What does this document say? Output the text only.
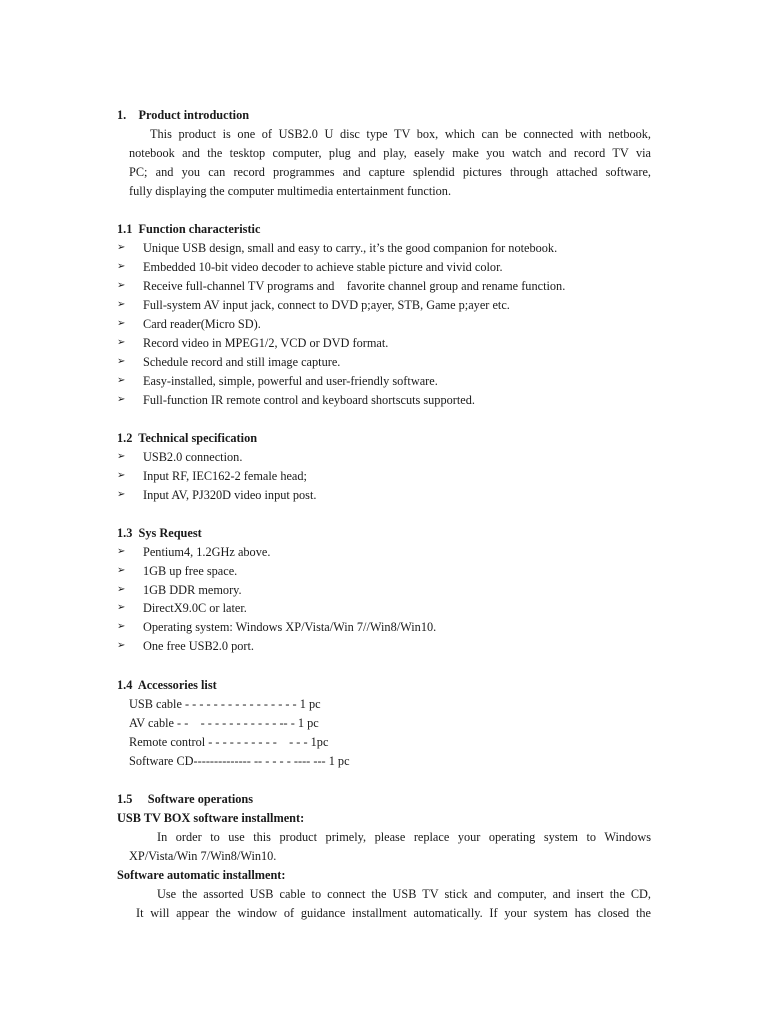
1.    Product introduction
This product is one of USB2.0 U disc type TV box, which can be connected with netbook,
notebook and the tesktop computer, plug and play, easely make you watch and record TV via
PC; and you can record programmes and capture splendid pictures through attached software,
fully displaying the computer multimedia entertainment function.
1.1  Function characteristic
➢ Unique USB design, small and easy to carry., it’s the good companion for notebook.
➢ Embedded 10-bit video decoder to achieve stable picture and vivid color.
➢ Receive full-channel TV programs and    favorite channel group and rename function.
➢ Full-system AV input jack, connect to DVD p;ayer, STB, Game p;ayer etc.
➢ Card reader(Micro SD).
➢ Record video in MPEG1/2, VCD or DVD format.
➢ Schedule record and still image capture.
➢ Easy-installed, simple, powerful and user-friendly software.
➢ Full-function IR remote control and keyboard shortscuts supported.
1.2  Technical specification
➢ USB2.0 connection.
➢ Input RF, IEC162-2 female head;
➢ Input AV, PJ320D video input post.
1.3  Sys Request
➢ Pentium4, 1.2GHz above.
➢ 1GB up free space.
➢ 1GB DDR memory.
➢ DirectX9.0C or later.
➢ Operating system: Windows XP/Vista/Win 7//Win8/Win10.
➢ One free USB2.0 port.
1.4  Accessories list
USB cable - - - - - - - - - - - - - - - - 1 pc
AV cable - -    - - - - - - - - - - - -- - 1 pc
Remote control - - - - - - - - - -    - - - 1pc
Software CD-------------- -- - - - - ---- --- 1 pc
1.5     Software operations
USB TV BOX software installment:
In order to use this product primely, please replace your operating system to Windows
XP/Vista/Win 7/Win8/Win10.
Software automatic installment:
Use the assorted USB cable to connect the USB TV stick and computer, and insert the CD,
It will appear the window of guidance installment automatically. If your system has closed the
